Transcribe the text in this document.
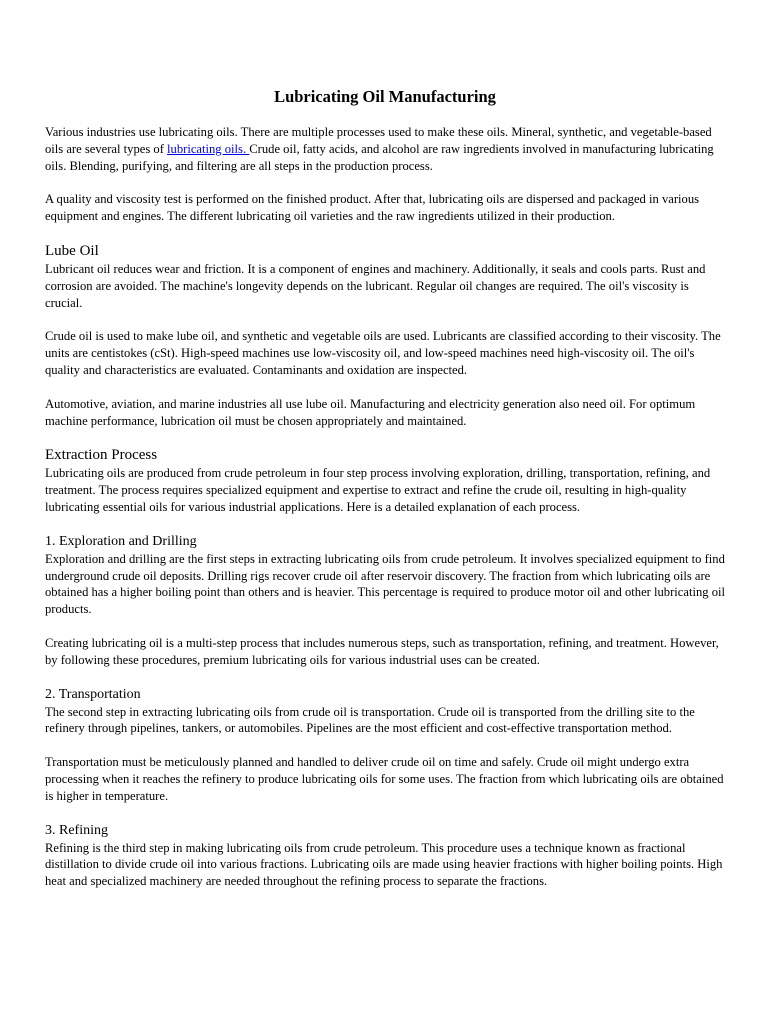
Lubricating Oil Manufacturing

Various industries use lubricating oils. There are multiple processes used to make these oils. Mineral, synthetic, and vegetable-based oils are several types of lubricating oils. Crude oil, fatty acids, and alcohol are raw ingredients involved in manufacturing lubricating oils. Blending, purifying, and filtering are all steps in the production process.

A quality and viscosity test is performed on the finished product. After that, lubricating oils are dispersed and packaged in various equipment and engines. The different lubricating oil varieties and the raw ingredients utilized in their production.

Lube Oil

Lubricant oil reduces wear and friction. It is a component of engines and machinery. Additionally, it seals and cools parts. Rust and corrosion are avoided. The machine's longevity depends on the lubricant. Regular oil changes are required. The oil's viscosity is crucial.

Crude oil is used to make lube oil, and synthetic and vegetable oils are used. Lubricants are classified according to their viscosity. The units are centistokes (cSt). High-speed machines use low-viscosity oil, and low-speed machines need high-viscosity oil. The oil's quality and characteristics are evaluated. Contaminants and oxidation are inspected.

Automotive, aviation, and marine industries all use lube oil. Manufacturing and electricity generation also need oil. For optimum machine performance, lubrication oil must be chosen appropriately and maintained.

Extraction Process

Lubricating oils are produced from crude petroleum in four step process involving exploration, drilling, transportation, refining, and treatment. The process requires specialized equipment and expertise to extract and refine the crude oil, resulting in high-quality lubricating essential oils for various industrial applications. Here is a detailed explanation of each process.

1. Exploration and Drilling

Exploration and drilling are the first steps in extracting lubricating oils from crude petroleum. It involves specialized equipment to find underground crude oil deposits. Drilling rigs recover crude oil after reservoir discovery. The fraction from which lubricating oils are obtained has a higher boiling point than others and is heavier. This percentage is required to produce motor oil and other lubricating oil products.

Creating lubricating oil is a multi-step process that includes numerous steps, such as transportation, refining, and treatment. However, by following these procedures, premium lubricating oils for various industrial uses can be created.

2. Transportation

The second step in extracting lubricating oils from crude oil is transportation. Crude oil is transported from the drilling site to the refinery through pipelines, tankers, or automobiles. Pipelines are the most efficient and cost-effective transportation method.

Transportation must be meticulously planned and handled to deliver crude oil on time and safely. Crude oil might undergo extra processing when it reaches the refinery to produce lubricating oils for some uses. The fraction from which lubricating oils are obtained is higher in temperature.

3. Refining

Refining is the third step in making lubricating oils from crude petroleum. This procedure uses a technique known as fractional distillation to divide crude oil into various fractions. Lubricating oils are made using heavier fractions with higher boiling points. High heat and specialized machinery are needed throughout the refining process to separate the fractions.
